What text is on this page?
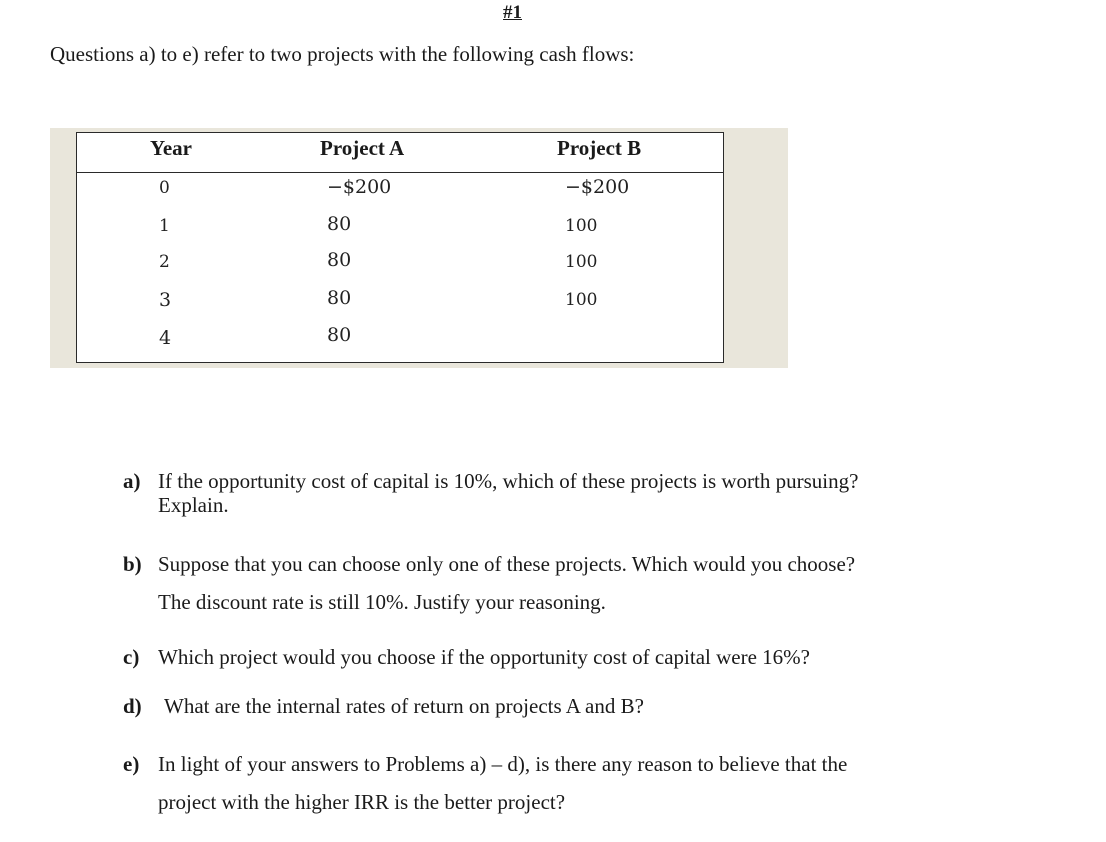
#1
Questions a) to e) refer to two projects with the following cash flows:
Year	Project A	Project B
0	−$200	−$200
1	80	100
2	80	100
3	80	100
4	80
a) If the opportunity cost of capital is 10%, which of these projects is worth pursuing?
Explain.
b) Suppose that you can choose only one of these projects. Which would you choose?
The discount rate is still 10%. Justify your reasoning.
c) Which project would you choose if the opportunity cost of capital were 16%?
d) What are the internal rates of return on projects A and B?
e) In light of your answers to Problems a) – d), is there any reason to believe that the
project with the higher IRR is the better project?
